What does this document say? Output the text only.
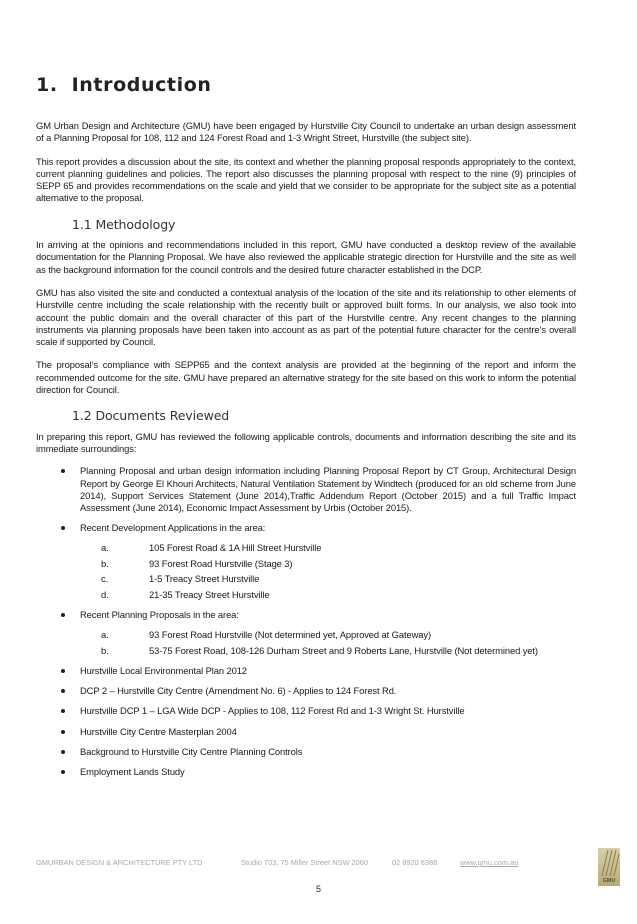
1. Introduction

GM Urban Design and Architecture (GMU) have been engaged by Hurstville City Council to undertake an urban design assessment of a Planning Proposal for 108, 112 and 124 Forest Road and 1-3 Wright Street, Hurstville (the subject site).

This report provides a discussion about the site, its context and whether the planning proposal responds appropriately to the context, current planning guidelines and policies. The report also discusses the planning proposal with respect to the nine (9) principles of SEPP 65 and provides recommendations on the scale and yield that we consider to be appropriate for the subject site as a potential alternative to the proposal.

1.1 Methodology

In arriving at the opinions and recommendations included in this report, GMU have conducted a desktop review of the available documentation for the Planning Proposal. We have also reviewed the applicable strategic direction for Hurstville and the site as well as the background information for the council controls and the desired future character established in the DCP.

GMU has also visited the site and conducted a contextual analysis of the location of the site and its relationship to other elements of Hurstville centre including the scale relationship with the recently built or approved built forms. In our analysis, we also took into account the public domain and the overall character of this part of the Hurstville centre. Any recent changes to the planning instruments via planning proposals have been taken into account as as part of the potential future character for the centre’s overall scale if supported by Council.

The proposal’s compliance with SEPP65 and the context analysis are provided at the beginning of the report and inform the recommended outcome for the site. GMU have prepared an alternative strategy for the site based on this work to inform the potential direction for Council.

1.2 Documents Reviewed

In preparing this report, GMU has reviewed the following applicable controls, documents and information describing the site and its immediate surroundings:

Planning Proposal and urban design information including Planning Proposal Report by CT Group, Architectural Design Report by George El Khouri Architects, Natural Ventilation Statement by Windtech (produced for an old scheme from June 2014), Support Services Statement (June 2014),Traffic Addendum Report (October 2015) and a full Traffic Impact Assessment (June 2014), Economic Impact Assessment by Urbis (October 2015).
Recent Development Applications in the area:
a.	105 Forest Road & 1A Hill Street Hurstville
b.	93 Forest Road Hurstville (Stage 3)
c.	1-5 Treacy Street Hurstville
d.	21-35 Treacy Street Hurstville
Recent Planning Proposals in the area:
a.	93 Forest Road Hurstville (Not determined yet, Approved at Gateway)
b.	53-75 Forest Road, 108-126 Durham Street and 9 Roberts Lane, Hurstville (Not determined yet)
Hurstville Local Environmental Plan 2012
DCP 2 – Hurstville City Centre (Amendment No. 6) - Applies to 124 Forest Rd.
Hurstville DCP 1 – LGA Wide DCP - Applies to 108, 112 Forest Rd and 1-3 Wright St. Hurstville
Hurstville City Centre Masterplan 2004
Background to Hurstville City Centre Planning Controls
Employment Lands Study
GMURBAN DESIGN & ARCHITECTURE PTY LTD	Studio 703, 75 Miller Street NSW 2060	02 8920 8388	www.gmu.com.au
GMU
5
